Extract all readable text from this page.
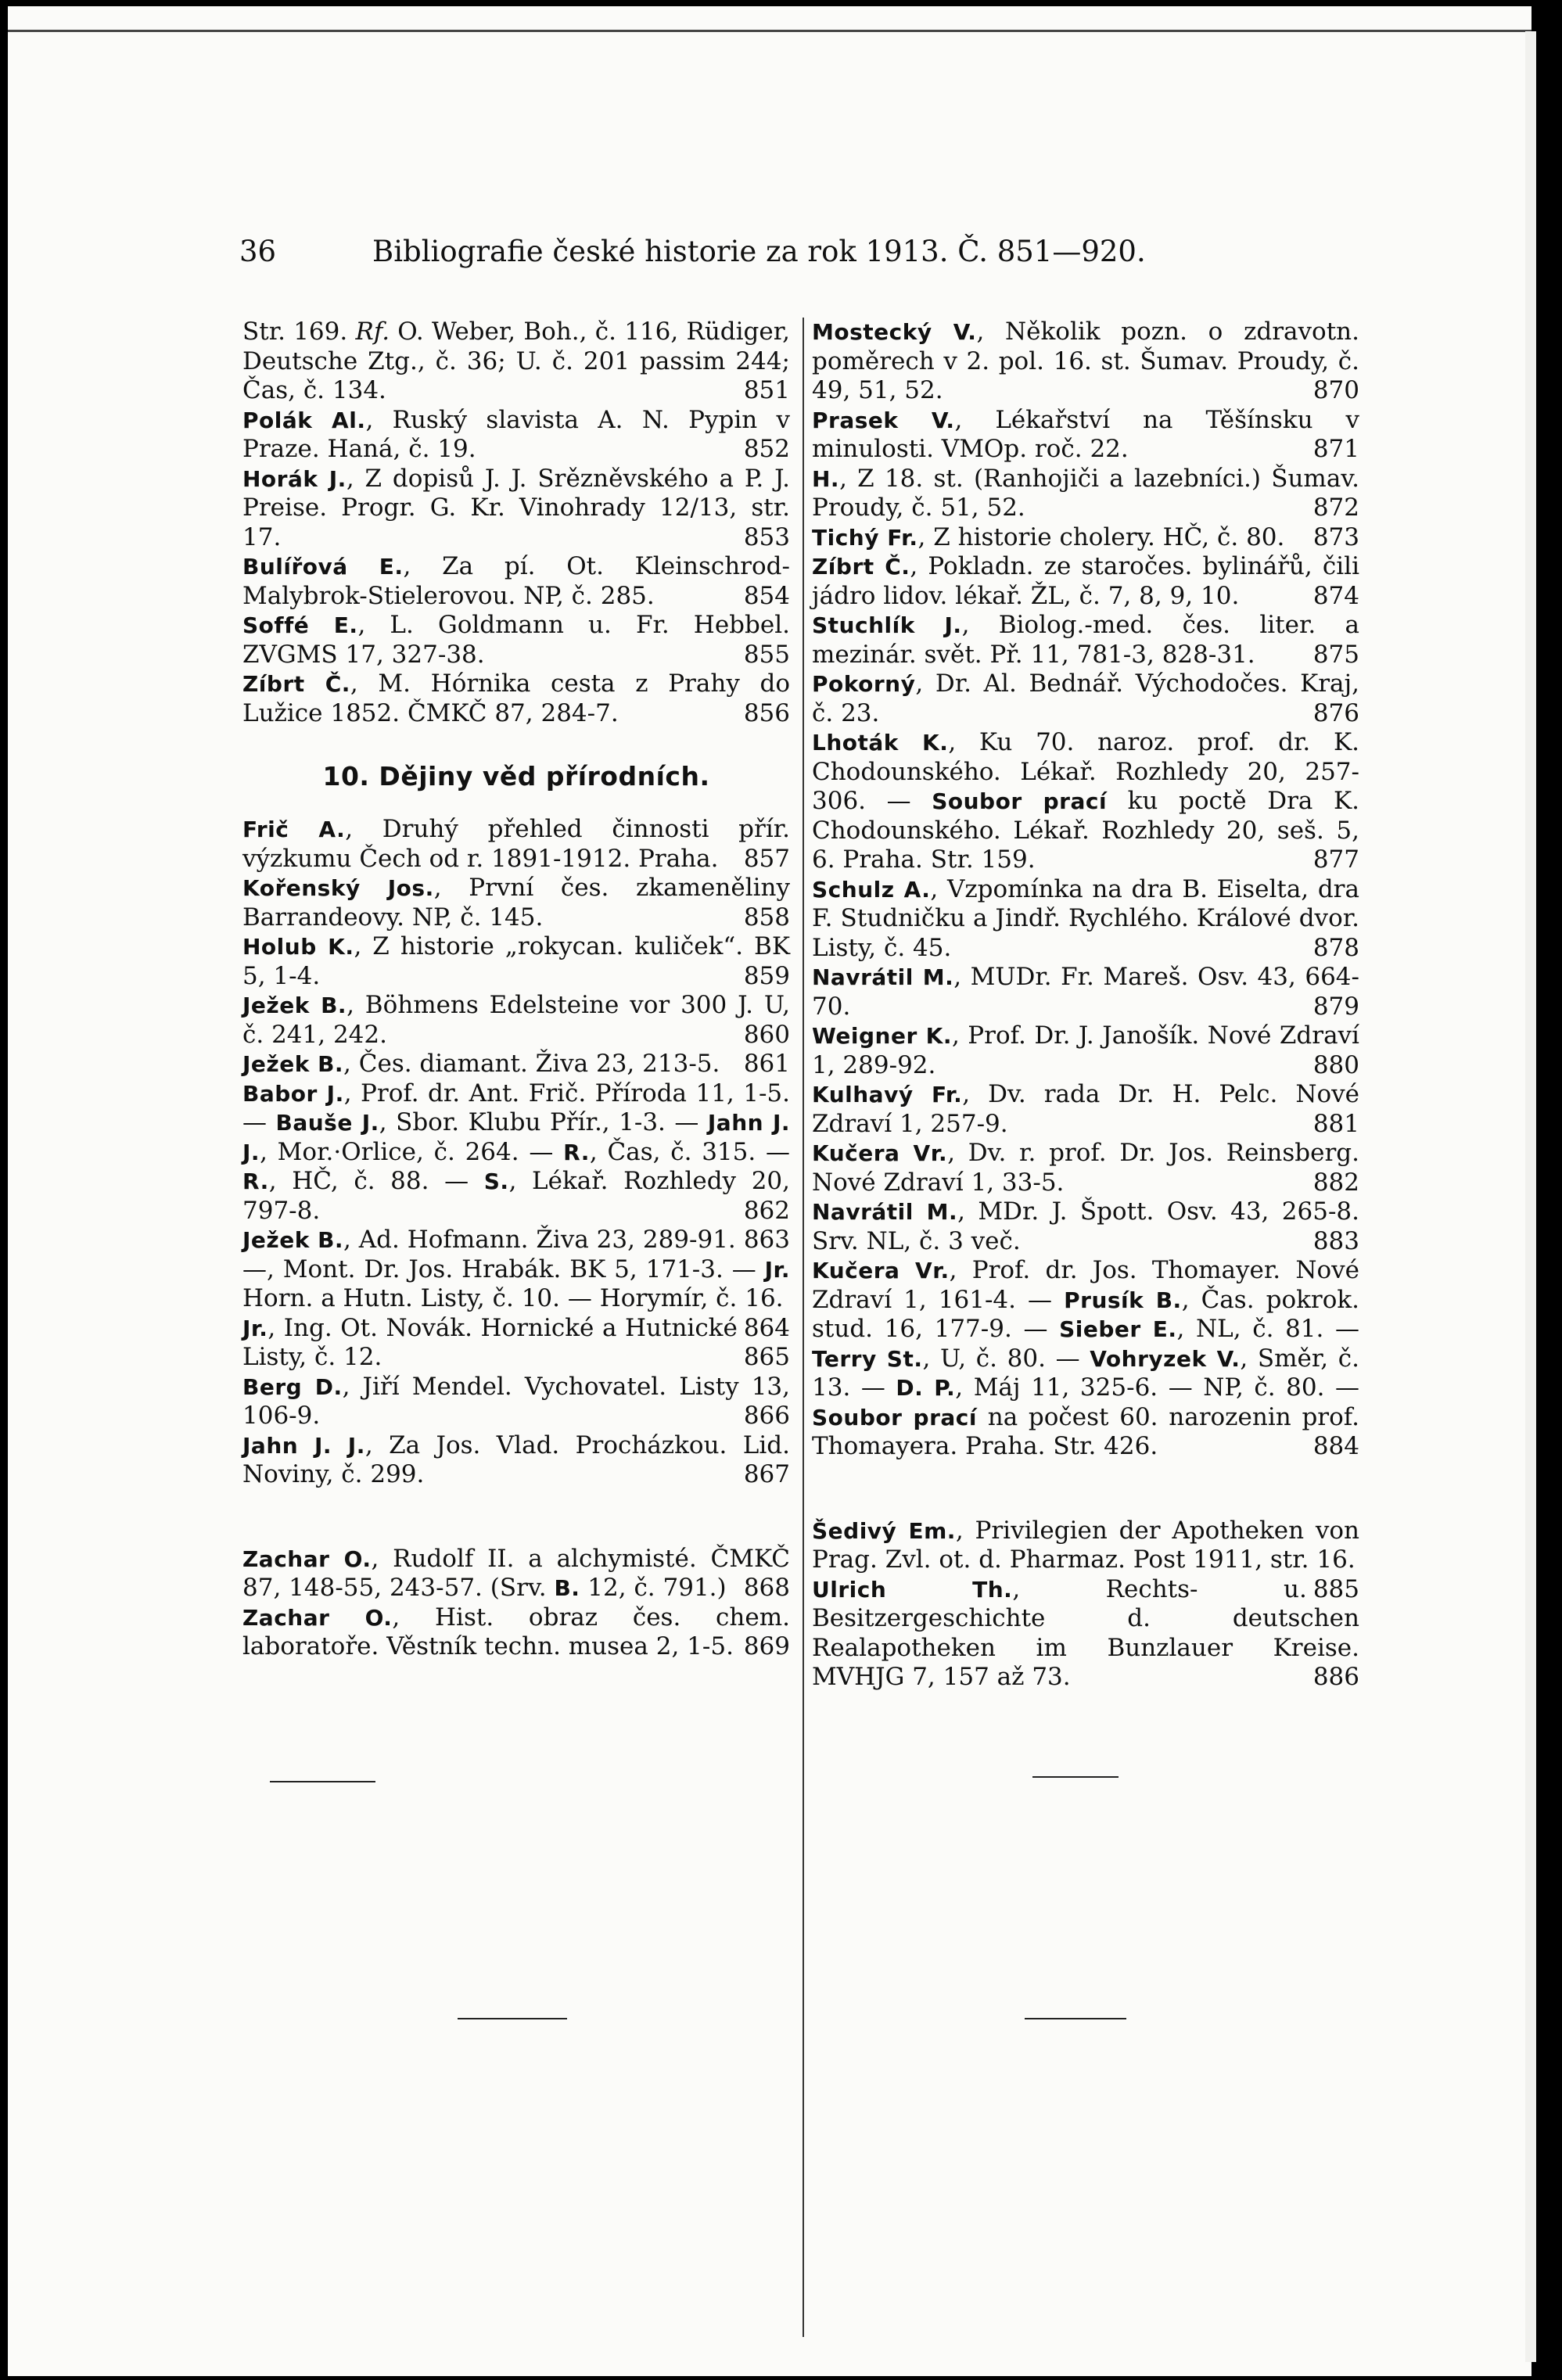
36	Bibliografie české historie za rok 1913. Č. 851—920.

Str. 169. Rf. O. Weber, Boh., č. 116, Rüdiger, Deutsche Ztg., č. 36; U. č. 201 passim 244; Čas, č. 134.	851

Polák Al., Ruský slavista A. N. Pypin v Praze. Haná, č. 19.	852

Horák J., Z dopisů J. J. Srězněvského a P. J. Preise. Progr. G. Kr. Vinohrady 12/13, str. 17.	853

Bulířová E., Za pí. Ot. Kleinschrod-Malybrok-Stielerovou. NP, č. 285.	854

Soffé E., L. Goldmann u. Fr. Hebbel. ZVGMS 17, 327-38.	855

Zíbrt Č., M. Hórnika cesta z Prahy do Lužice 1852. ČMKČ 87, 284-7.	856

10. Dějiny věd přírodních.

Frič A., Druhý přehled činnosti přír. výzkumu Čech od r. 1891-1912. Praha. 857

Kořenský Jos., První čes. zkameněliny Barrandeovy. NP, č. 145.	858

Holub K., Z historie „rokycan. kuliček“. BK 5, 1-4.	859

Ježek B., Böhmens Edelsteine vor 300 J. U, č. 241, 242.	860

Ježek B., Čes. diamant. Živa 23, 213-5. 861

Babor J., Prof. dr. Ant. Frič. Příroda 11, 1-5. — Bauše J., Sbor. Klubu Přír., 1-3. — Jahn J. J., Mor.·Orlice, č. 264. — R., Čas, č. 315. — R., HČ, č. 88. — S., Lékař. Rozhledy 20, 797-8.	862

Ježek B., Ad. Hofmann. Živa 23, 289-91. 863

—, Mont. Dr. Jos. Hrabák. BK 5, 171-3. — Jr. Horn. a Hutn. Listy, č. 10. — Horymír, č. 16.
864

Jr., Ing. Ot. Novák. Hornické a Hutnické Listy, č. 12.	865

Berg D., Jiří Mendel. Vychovatel. Listy 13, 106-9.	866

Jahn J. J., Za Jos. Vlad. Procházkou. Lid. Noviny, č. 299.	867

Zachar O., Rudolf II. a alchymisté. ČMKČ 87, 148-55, 243-57. (Srv. B. 12, č. 791.) 868

Zachar O., Hist. obraz čes. chem. laboratoře. Věstník techn. musea 2, 1-5. 869

Mostecký V., Několik pozn. o zdravotn. poměrech v 2. pol. 16. st. Šumav. Proudy, č. 49, 51, 52.	870

Prasek V., Lékařství na Těšínsku v minulosti. VMOp. roč. 22.	871

H., Z 18. st. (Ranhojiči a lazebníci.) Šumav. Proudy, č. 51, 52.	872

Tichý Fr., Z historie cholery. HČ, č. 80. 873

Zíbrt Č., Pokladn. ze staročes. bylinářů, čili jádro lidov. lékař. ŽL, č. 7, 8, 9, 10.	874

Stuchlík J., Biolog.-med. čes. liter. a mezinár. svět. Př. 11, 781-3, 828-31. 875

Pokorný, Dr. Al. Bednář. Východočes. Kraj, č. 23.	876

Lhoták K., Ku 70. naroz. prof. dr. K. Chodounského. Lékař. Rozhledy 20, 257-306. — Soubor prací ku poctě Dra K. Chodounského. Lékař. Rozhledy 20, seš. 5, 6. Praha. Str. 159.	877

Schulz A., Vzpomínka na dra B. Eiselta, dra F. Studničku a Jindř. Rychlého. Králové dvor. Listy, č. 45.	878

Navrátil M., MUDr. Fr. Mareš. Osv. 43, 664-70.	879

Weigner K., Prof. Dr. J. Janošík. Nové Zdraví 1, 289-92.	880

Kulhavý Fr., Dv. rada Dr. H. Pelc. Nové Zdraví 1, 257-9.	881

Kučera Vr., Dv. r. prof. Dr. Jos. Reinsberg. Nové Zdraví 1, 33-5.	882

Navrátil M., MDr. J. Špott. Osv. 43, 265-8. Srv. NL, č. 3 več.	883

Kučera Vr., Prof. dr. Jos. Thomayer. Nové Zdraví 1, 161-4. — Prusík B., Čas. pokrok. stud. 16, 177-9. — Sieber E., NL, č. 81. — Terry St., U, č. 80. — Vohryzek V., Směr, č. 13. — D. P., Máj 11, 325-6. — NP, č. 80. — Soubor prací na počest 60. narozenin prof. Thomayera. Praha. Str. 426.	884

Šedivý Em., Privilegien der Apotheken von Prag. Zvl. ot. d. Pharmaz. Post 1911, str. 16.
885

Ulrich Th., Rechts- u. Besitzergeschichte d. deutschen Realapotheken im Bunzlauer Kreise. MVHJG 7, 157 až 73.	886
